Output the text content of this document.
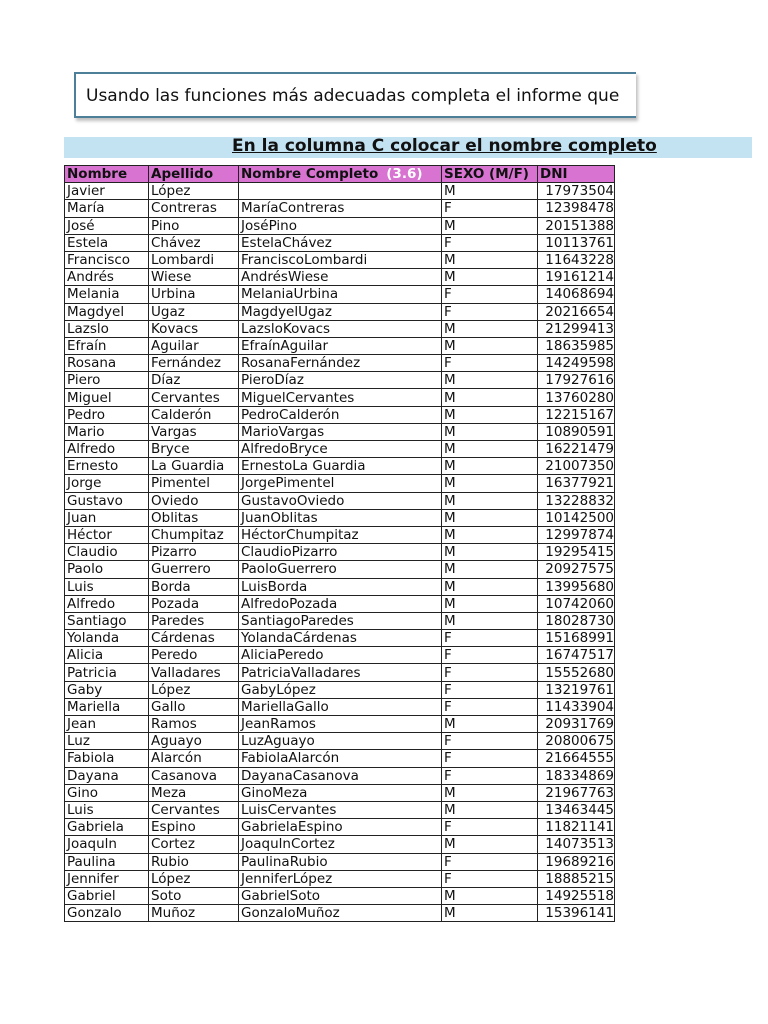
Usando las funciones más adecuadas completa el informe que
En la columna C colocar el nombre completo
Nombre	Apellido	Nombre Completo (3.6)	SEXO (M/F)	DNI
Javier	López		M	17973504
María	Contreras	MaríaContreras	F	12398478
José	Pino	JoséPino	M	20151388
Estela	Chávez	EstelaChávez	F	10113761
Francisco	Lombardi	FranciscoLombardi	M	11643228
Andrés	Wiese	AndrésWiese	M	19161214
Melania	Urbina	MelaniaUrbina	F	14068694
Magdyel	Ugaz	MagdyelUgaz	F	20216654
Lazslo	Kovacs	LazsloKovacs	M	21299413
Efraín	Aguilar	EfraínAguilar	M	18635985
Rosana	Fernández	RosanaFernández	F	14249598
Piero	Díaz	PieroDíaz	M	17927616
Miguel	Cervantes	MiguelCervantes	M	13760280
Pedro	Calderón	PedroCalderón	M	12215167
Mario	Vargas	MarioVargas	M	10890591
Alfredo	Bryce	AlfredoBryce	M	16221479
Ernesto	La Guardia	ErnestoLa Guardia	M	21007350
Jorge	Pimentel	JorgePimentel	M	16377921
Gustavo	Oviedo	GustavoOviedo	M	13228832
Juan	Oblitas	JuanOblitas	M	10142500
Héctor	Chumpitaz	HéctorChumpitaz	M	12997874
Claudio	Pizarro	ClaudioPizarro	M	19295415
Paolo	Guerrero	PaoloGuerrero	M	20927575
Luis	Borda	LuisBorda	M	13995680
Alfredo	Pozada	AlfredoPozada	M	10742060
Santiago	Paredes	SantiagoParedes	M	18028730
Yolanda	Cárdenas	YolandaCárdenas	F	15168991
Alicia	Peredo	AliciaPeredo	F	16747517
Patricia	Valladares	PatriciaValladares	F	15552680
Gaby	López	GabyLópez	F	13219761
Mariella	Gallo	MariellaGallo	F	11433904
Jean	Ramos	JeanRamos	M	20931769
Luz	Aguayo	LuzAguayo	F	20800675
Fabiola	Alarcón	FabiolaAlarcón	F	21664555
Dayana	Casanova	DayanaCasanova	F	18334869
Gino	Meza	GinoMeza	M	21967763
Luis	Cervantes	LuisCervantes	M	13463445
Gabriela	Espino	GabrielaEspino	F	11821141
Joaquln	Cortez	JoaqulnCortez	M	14073513
Paulina	Rubio	PaulinaRubio	F	19689216
Jennifer	López	JenniferLópez	F	18885215
Gabriel	Soto	GabrielSoto	M	14925518
Gonzalo	Muñoz	GonzaloMuñoz	M	15396141
